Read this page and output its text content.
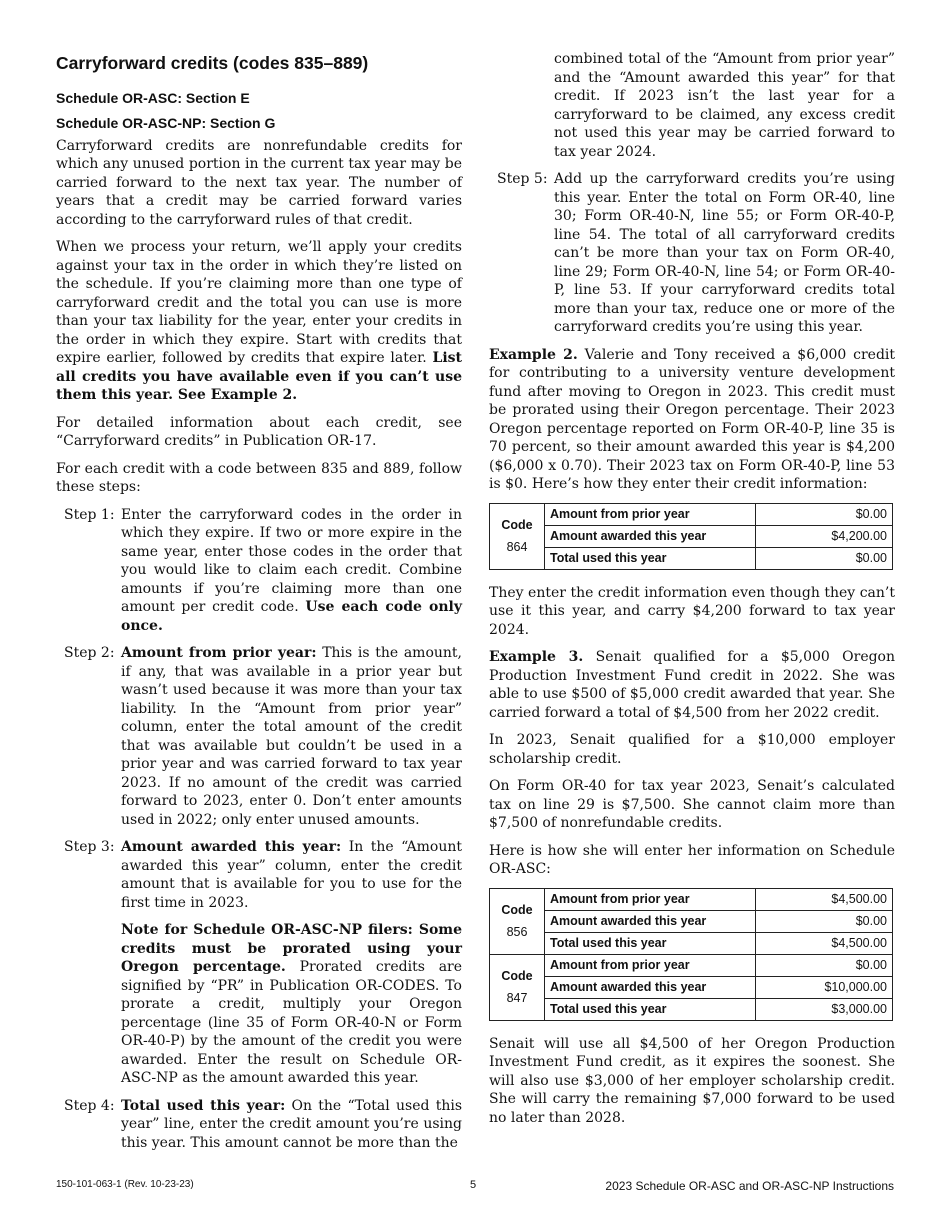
Carryforward credits (codes 835–889)
Schedule OR-ASC: Section E
Schedule OR-ASC-NP: Section G

Carryforward credits are nonrefundable credits for which any unused portion in the current tax year may be carried forward to the next tax year. The number of years that a credit may be carried forward varies according to the carryforward rules of that credit.

When we process your return, we’ll apply your credits against your tax in the order in which they’re listed on the schedule. If you’re claiming more than one type of carryforward credit and the total you can use is more than your tax liability for the year, enter your credits in the order in which they expire. Start with credits that expire earlier, followed by credits that expire later. List all credits you have available even if you can’t use them this year. See Example 2.

For detailed information about each credit, see “Carryforward credits” in Publication OR-17.

For each credit with a code between 835 and 889, follow these steps:

Step 1: Enter the carryforward codes in the order in which they expire. If two or more expire in the same year, enter those codes in the order that you would like to claim each credit. Combine amounts if you’re claiming more than one amount per credit code. Use each code only once.
Step 2: Amount from prior year: This is the amount, if any, that was available in a prior year but wasn’t used because it was more than your tax liability. In the “Amount from prior year” column, enter the total amount of the credit that was available but couldn’t be used in a prior year and was carried forward to tax year 2023. If no amount of the credit was carried forward to 2023, enter 0. Don’t enter amounts used in 2022; only enter unused amounts.
Step 3: Amount awarded this year: In the “Amount awarded this year” column, enter the credit amount that is available for you to use for the first time in 2023.

Note for Schedule OR-ASC-NP filers: Some credits must be prorated using your Oregon percentage. Prorated credits are signified by “PR” in Publication OR-CODES. To prorate a credit, multiply your Oregon percentage (line 35 of Form OR-40-N or Form OR-40-P) by the amount of the credit you were awarded. Enter the result on Schedule OR-ASC-NP as the amount awarded this year.

Step 4: Total used this year: On the “Total used this year” line, enter the credit amount you’re using this year. This amount cannot be more than the
combined total of the “Amount from prior year” and the “Amount awarded this year” for that credit. If 2023 isn’t the last year for a carryforward to be claimed, any excess credit not used this year may be carried forward to tax year 2024.
Step 5: Add up the carryforward credits you’re using this year. Enter the total on Form OR-40, line 30; Form OR-40-N, line 55; or Form OR-40-P, line 54. The total of all carryforward credits can’t be more than your tax on Form OR-40, line 29; Form OR-40-N, line 54; or Form OR-40-P, line 53. If your carryforward credits total more than your tax, reduce one or more of the carryforward credits you’re using this year.

Example 2. Valerie and Tony received a $6,000 credit for contributing to a university venture development fund after moving to Oregon in 2023. This credit must be prorated using their Oregon percentage. Their 2023 Oregon percentage reported on Form OR-40-P, line 35 is 70 percent, so their amount awarded this year is $4,200 ($6,000 x 0.70). Their 2023 tax on Form OR-40-P, line 53 is $0. Here’s how they enter their credit information:

Code
864	Amount from prior year	$0.00
	Amount awarded this year	$4,200.00
	Total used this year	$0.00

They enter the credit information even though they can’t use it this year, and carry $4,200 forward to tax year 2024.

Example 3. Senait qualified for a $5,000 Oregon Production Investment Fund credit in 2022. She was able to use $500 of $5,000 credit awarded that year. She carried forward a total of $4,500 from her 2022 credit.

In 2023, Senait qualified for a $10,000 employer scholarship credit.

On Form OR-40 for tax year 2023, Senait’s calculated tax on line 29 is $7,500. She cannot claim more than $7,500 of nonrefundable credits.

Here is how she will enter her information on Schedule OR-ASC:

Code
856	Amount from prior year	$4,500.00
	Amount awarded this year	$0.00
	Total used this year	$4,500.00
Code
847	Amount from prior year	$0.00
	Amount awarded this year	$10,000.00
	Total used this year	$3,000.00

Senait will use all $4,500 of her Oregon Production Investment Fund credit, as it expires the soonest. She will also use $3,000 of her employer scholarship credit. She will carry the remaining $7,000 forward to be used no later than 2028.

150-101-063-1 (Rev. 10-23-23)	5	2023 Schedule OR-ASC and OR-ASC-NP Instructions
